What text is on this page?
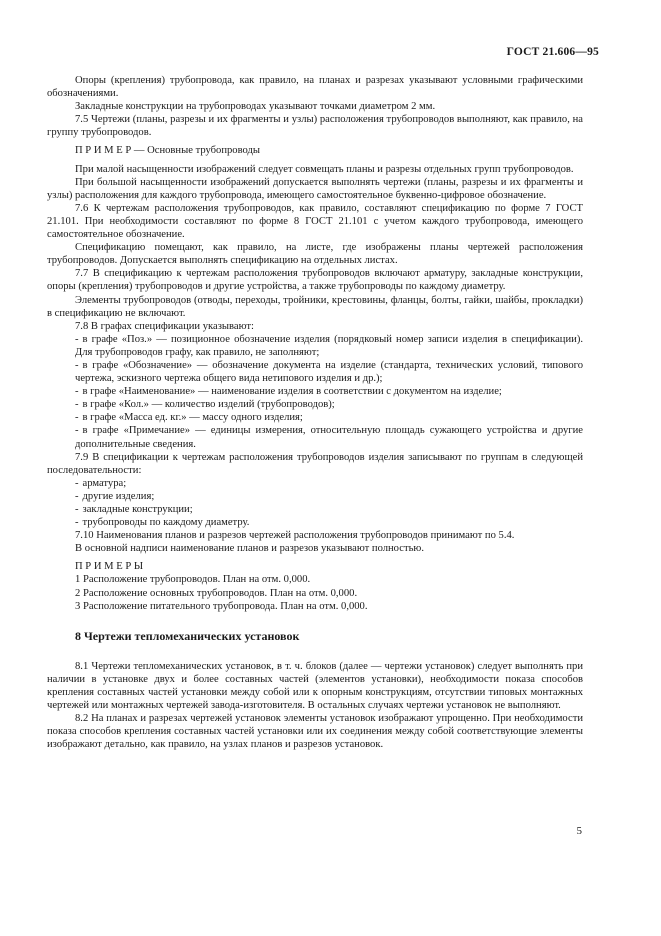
ГОСТ 21.606—95

Опоры (крепления) трубопровода, как правило, на планах и разрезах указывают условными графическими обозначениями.

Закладные конструкции на трубопроводах указывают точками диаметром 2 мм.

7.5 Чертежи (планы, разрезы и их фрагменты и узлы) расположения трубопроводов выполняют, как правило, на группу трубопроводов.

П Р И М Е Р — Основные трубопроводы

При малой насыщенности изображений следует совмещать планы и разрезы отдельных групп трубопроводов.

При большой насыщенности изображений допускается выполнять чертежи (планы, разрезы и их фрагменты и узлы) расположения для каждого трубопровода, имеющего самостоятельное буквенно-цифровое обозначение.

7.6 К чертежам расположения трубопроводов, как правило, составляют спецификацию по форме 7 ГОСТ 21.101. При необходимости составляют по форме 8 ГОСТ 21.101 с учетом каждого трубопровода, имеющего самостоятельное обозначение.

Спецификацию помещают, как правило, на листе, где изображены планы чертежей расположения трубопроводов. Допускается выполнять спецификацию на отдельных листах.

7.7 В спецификацию к чертежам расположения трубопроводов включают арматуру, закладные конструкции, опоры (крепления) трубопроводов и другие устройства, а также трубопроводы по каждому диаметру.

Элементы трубопроводов (отводы, переходы, тройники, крестовины, фланцы, болты, гайки, шайбы, прокладки) в спецификацию не включают.

7.8 В графах спецификации указывают:

- в графе «Поз.» — позиционное обозначение изделия (порядковый номер записи изделия в спецификации). Для трубопроводов графу, как правило, не заполняют;
- в графе «Обозначение» — обозначение документа на изделие (стандарта, технических условий, типового чертежа, эскизного чертежа общего вида нетипового изделия и др.);
- в графе «Наименование» — наименование изделия в соответствии с документом на изделие;
- в графе «Кол.» — количество изделий (трубопроводов);
- в графе «Масса ед. кг.» — массу одного изделия;
- в графе «Примечание» — единицы измерения, относительную площадь сужающего устройства и другие дополнительные сведения.

7.9 В спецификации к чертежам расположения трубопроводов изделия записывают по группам в следующей последовательности:

- арматура;
- другие изделия;
- закладные конструкции;
- трубопроводы по каждому диаметру.

7.10 Наименования планов и разрезов чертежей расположения трубопроводов принимают по 5.4.

В основной надписи наименование планов и разрезов указывают полностью.

П Р И М Е Р Ы

1 Расположение трубопроводов. План на отм. 0,000.

2 Расположение основных трубопроводов. План на отм. 0,000.

3 Расположение питательного трубопровода. План на отм. 0,000.

8 Чертежи тепломеханических установок

8.1 Чертежи тепломеханических установок, в т. ч. блоков (далее — чертежи установок) следует выполнять при наличии в установке двух и более составных частей (элементов установки), необходимости показа способов крепления составных частей установки между собой или к опорным конструкциям, отсутствии типовых монтажных чертежей или монтажных чертежей завода-изготовителя. В остальных случаях чертежи установок не выполняют.

8.2 На планах и разрезах чертежей установок элементы установок изображают упрощенно. При необходимости показа способов крепления составных частей установки или их соединения между собой соответствующие элементы изображают детально, как правило, на узлах планов и разрезов установок.

5
